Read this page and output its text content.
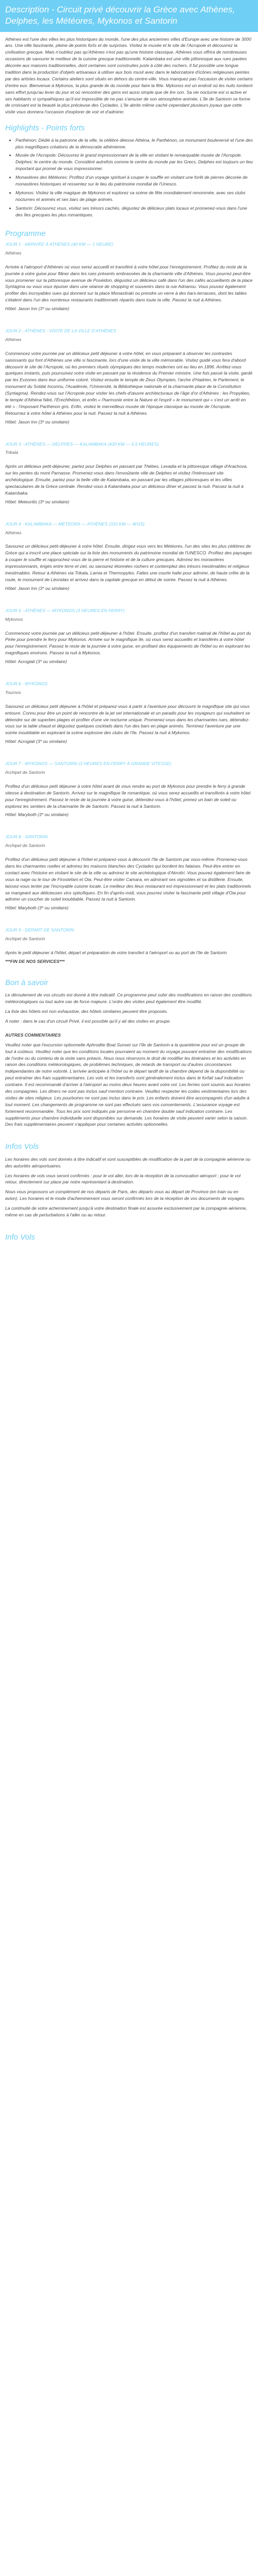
Description - Circuit privé découvrir la Grèce avec Athènes, Delphes, les Météores, Mykonos et Santorin

Athènes est l'une des villes les plus historiques du monde, l'une des plus anciennes villes d'Europe avec une histoire de 3000 ans. Une ville fascinante, pleine de points forts et de surprises. Visitez le musée et le site de l'Acropole et découvrez la civilisation grecque. Mais n'oubliez pas qu'Athènes n'est pas qu'une histoire classique. Athènes vous offrira de nombreuses occasions de savourer le meilleur de la cuisine grecque traditionnelle. Kalambaka est une ville pittoresque aux rues pavées décorée aux maisons traditionnelles, dont certaines sont construites juste à côté des rochers. Il fut possible une longue tradition dans la production d'objets artisanaux à utiliser aux bois musil avec dans le laborzatoire d'icônes religieuses peintes par des artistes locaux. Certains ateliers sont situés en dehors du centre-ville. Vous manquez pas l'occasion de visiter certains d'entre eux. Bienvenue à Mykonos, la plus grande ile du monde pour faire la fête. Mykonos est un endroit où les nuits tombent sans effort jusqu'au lever du jour et où rencontrer des gens est aussi simple que de lire son. Sa vie nocturne est si active et ses habitants si sympathiques qu'il est impossible de ne pas s'amuser de son atmosphère animée. L'île de Santorin se forme de croissant est la beauté la plus précieuse des Cyclades. L'île abrite même caché cependant plusieurs joyaux que cette visite vous donnera l'occasion d'explorer de voir et d'admirer.

Highlights - Points forts
• Parthénon: Dédié à la patronne de la ville, la célèbre déesse Athéna, le Parthénon, ce monument bouleversé et l'une des plus magnifiques créations de la démocratie athénienne.
• Musée de l'Acropole: Découvrez le grand impressionnant de la ville en visitant le remarquable musée de l'Acropole. Delphes: le centre du monde. Considéré autrefois comme le centre du monde par les Grecs, Delphes est toujours un lieu important qui promet de vous impressionner.
• Monastères des Météores: Profitez d'un voyage spirituel à couper le souffle en visitant une forêt de pierres décorée de monastères historiques et ressentez sur le lieu du patrimoine mondial de l'Unesco.
• Mykonos: Visitez la ville magique de Mykonos et explorez sa scène de fête mondialement renommée, avec ses clubs nocturnes et animés et ses bars de plage animés.
• Santorin: Découvrez vous, visitez ses trésors cachés, dégustez de délicieux plats locaux et promenez-vous dans l'une des îles grecques les plus romantiques.
Programme

JOUR 1 - ARRIVÉE À ATHÈNES (40 KM — 1 HEURE)

Athènes

Arrivée à l'aéroport d'Athènes où vous serez accueilli et transféré à votre hôtel pour l'enregistrement. Profitez du reste de la journée à votre guise pour flâner dans les rues présents embrassées de la charmante ville d'Athènes. Vous pourrez peut-être vous promener sur la pittoresque avenue de Poséidon, dégustez un délicieux café dans l'un des cafés accueillants de la place Syntagma ou vous vous épuiser dans une séance de shopping et souvenirs dans la rue Adrianou. Vous pouvez également profiter des incroyables vues qui donnent sur la place Monastiraki ou prendre un verre à des bars-terrasses, dont les tables s'étalent dans l'un des nombreux restaurants traditionnels répartis dans toute la ville. Passez la nuit à Athènes.

Hôtel: Jason Inn (3* ou similaire)

JOUR 2 - ATHÈNES : VISITE DE LA VILLE D'ATHÈNES

Athènes

Commencez votre journée par un délicieux petit déjeuner à votre hôtel, en vous préparant à observer les contrastes saisissants qui font d'Athènes une ville si fascinante, lors d'une visite de la ville mémorable. Visitez guidé vous fera d'abord découvrir le site de l'Acropole, où les premiers rituels olympiques des temps modernes ont eu lieu en 1896. Arrêtez-vous quelques instants, puis poursuivez votre visite en passant par la résidence du Premier ministre. Une fois passé la visite, gardé par les Evzones dans leur uniforme coloré. Visitez ensuite le temple de Zeus Olympien, l'arche d'Hadrien, le Parlement, le monument du Soldat Inconnu, l'Académie, l'Université, la Bibliothèque nationale et la charmante place de la Constitution (Syntagma). Rendez-vous sur l'Acropole pour visiter les chefs-d'œuvre architecturaux de l'âge d'or d'Athènes : les Propylées, le temple d'Athéna Niké, l'Érechthéion, et enfin « l'harmonie entre la Nature et l'esprit » le monument qui « s'est un arrêt en été » : l'imposant Parthénon gris. Enfin, visitez le merveilleux musée de l'époque classique au musée de l'Acropole. Retournez à votre hôtel à Athènes pour la nuit. Passez la nuit à Athènes.

Hôtel: Jason Inn (3* ou similaire)

JOUR 3 - ATHÈNES — DELPHES — KALAMBAKA (420 KM — 5.5 HEURES)

Trikala

Après un délicieux petit-déjeuner, partez pour Delphes en passant par Thèbes, Levadia et la pittoresque village d'Arachova, sur les pentes du mont Parnasse. Promenez-vous dans l'envoûtante ville de Delphes et visitez l'Intéressant site archéologique. Ensuite, partez pour la belle ville de Kalambaka, en passant par les villages pittoresques et les villes spectaculaires de la Grèce centrale. Rendez-vous à Kalambaka pour un délicieux dîner et passez la nuit. Passez la nuit à Kalambaka.

Hôtel: Meteoritis (3* ou similaire)

JOUR 4 - KALAMBAKA — METEORA — ATHÈNES (310 KM — 4H15)

Athènes

Savourez un délicieux petit-déjeuner à votre hôtel. Ensuite, dirigez-vous vers les Météores, l'un des sites les plus célèbres de Grèce qui a inscrit une place spéciale sur la liste des monuments du patrimoine mondial de l'UNESCO. Profitez des paysages à couper le souffle et rapprochez-vous de la pierre et histoire et de la culture grecques. Admirez les monastères impressionnants, érigés entre terre et ciel, ou savourez étonnées rochers et contemplez des trésors inestimables et religieux inestimables. Retour à Athènes via Trikala, Lamia et Thermopyles. Faites une courte halte pour admirer, de haute crête de la route, le monument de Léonidas et arrivez dans la capitale grecque en début de soirée. Passez la nuit à Athènes.

Hôtel: Jason Inn (3* ou similaire)

JOUR 5 - ATHÈNES — MYKONOS (3 HEURES EN FERRY)

Mykonos

Commencez votre journée par un délicieux petit-déjeuner à l'hôtel. Ensuite, profitez d'un transfert matinal de l'hôtel au port du Pirée pour prendre le ferry pour Mykonos. Arrivée sur le magnifique île, où vous serez accueillis et transférés à votre hôtel pour l'enregistrement. Passez le reste de la journée à votre guise, en profitant des équipements de l'hôtel ou en explorant les magnifiques environs. Passez la nuit à Mykonos.

Hôtel: Acrogiali (3* ou similaire)

JOUR 6 - MYKONOS

Tournos

Savourez un délicieux petit déjeuner à l'hôtel et préparez-vous à partir à l'aventure pour découvrir le magnifique site qui vous entoure. Connu pour être un point de rencontre de la jet set internationale et un paradis pour les voyageurs qui souhaitent se détendre sur de superbes plages et profiter d'une vie nocturne unique. Promenez-vous dans les charmantes rues, détendez-vous sur la table chaud et dégustez quelques cocktails dans l'un des bars en plage animés. Terminez l'aventure par une soirée inoubliable en explorant la scène explosive des clubs de l'île. Passez la nuit à Mykonos.

Hôtel: Acrogiali (3* ou similaire)

JOUR 7 - MYKONOS — SANTORIN (3 HEURES EN FERRY À GRANDE VITESSE)

Archipel de Santorin

Profitez d'un délicieux petit déjeuner à votre hôtel avant de vous rendre au port de Mykonos pour prendre le ferry à grande vitesse à destination de Santorin. Arrivez sur le magnifique île romantique, où vous serez accueillis et transférés à votre hôtel pour l'enregistrement. Passez le reste de la journée à votre guise, détendez-vous à l'hôtel, prenez un bain de soleil ou explorez les sentiers de la charmante île de Santorin. Passez la nuit à Santorin.

Hôtel: Maryboth (3* ou similaire)

JOUR 8 - SANTORIN

Archipel de Santorin

Profitez d'un délicieux petit déjeuner à l'hôtel et préparez-vous à découvrir l'île de Santorin par vous-même. Promenez-vous dans les charmantes ruelles et admirez les maisons blanches des Cyclades qui bordent les falaises. Peut-être entrer en contact avec l'histoire en visitant le site de la ville ou admirez le site archéologique d'Akrotiri. Vous pouvez également faire de vous la nage ou le tour de Firostefani et Oia. Peut-être visiter Camara, en admirant ses vignobles et sa distillerie. Ensuite, laissez-vous tenter par l'incroyable cuisine locale. Le meilleur des lieux restaurant est impressionnant et les plats traditionnels se mangeant aux délicieuses vins spécifiques. En fin d'après-midi, vous pourrez visiter la fascinante petit village d'Oia pour admirer un coucher de soleil inoubliable. Passez la nuit à Santorin.

Hôtel: Maryboth (3* ou similaire)

JOUR 9 - DÉPART DE SANTORIN

Archipel de Santorin

Après le petit déjeuner à l'hôtel, départ et préparation de votre transfert à l'aéroport ou au port de l'île de Santorin.

***FIN DE NOS SERVICES***

Bon à savoir

Le déroulement de vos circuits est donné à titre indicatif. Ce programme peut subir des modifications en raison des conditions météorologiques ou tout autre cas de force majeure. L'ordre des visites peut également être modifié.

La liste des hôtels est non exhaustive, des hôtels similaires peuvent être proposés.

A noter : dans le cas d'un circuit Privé, il est possible qu'il y ait des visites en groupe.

AUTRES COMMENTAIRES

Veuillez noter que l'excursion optionnelle Aphrodite Boat Sunset sur l'île de Santorin a la quantième pour est un groupe de tout à coûteux. Veuillez noter que les conditions locales pourraient au moment du voyage pouvant entraîner des modifications de l'ordre ou du contenu de la visite sans préavis. Nous nous réservons le droit de modifier les itinéraires et les activités en raison des conditions météorologiques, de problèmes techniques, de retards de transport ou d'autres circonstances indépendantes de notre volonté. L'arrivée anticipée à l'hôtel ou le départ tardif de la chambre dépend de la disponibilité ou peut entraîner des frais supplémentaires. Les vols et les transferts sont généralement inclus dans le forfait sauf indication contraire. Il est recommandé d'arriver à l'aéroport au moins deux heures avant votre vol. Les ferries sont soumis aux horaires des compagnies. Les dîners ne sont pas inclus sauf mention contraire. Veuillez respecter les codes vestimentaires lors des visites de sites religieux. Les pourboires ne sont pas inclus dans le prix. Les enfants doivent être accompagnés d'un adulte à tout moment. Les changements de programme ne sont pas effectués sans vos consentements. L'assurance voyage est fortement recommandée. Tous les prix sont indiqués par personne en chambre double sauf indication contraire. Les suppléments pour chambre individuelle sont disponibles sur demande. Les horaires de visite peuvent varier selon la saison. Des frais supplémentaires peuvent s'appliquer pour certaines activités optionnelles.

Infos Vols

Les horaires des vols sont donnés à titre indicatif et sont susceptibles de modification de la part de la compagnie aérienne ou des autorités aéroportuaires.

Les horaires de vols vous seront confirmés : pour le vol aller, lors de la réception de la convocation aéroport ; pour le vol retour, directement sur place par notre représentant à destination.

Nous vous proposons un complément de nos départs de Paris, des départs vous au départ de Province (en train ou en avion). Les horaires et le mode d'acheminement vous seront confirmés lors de la réception de vos documents de voyages.

La continuité de votre acheminement jusqu'à votre destination finale est assurée exclusivement par la compagnie aérienne, même en cas de perturbations à l'aller ou au retour.

Info Vols
